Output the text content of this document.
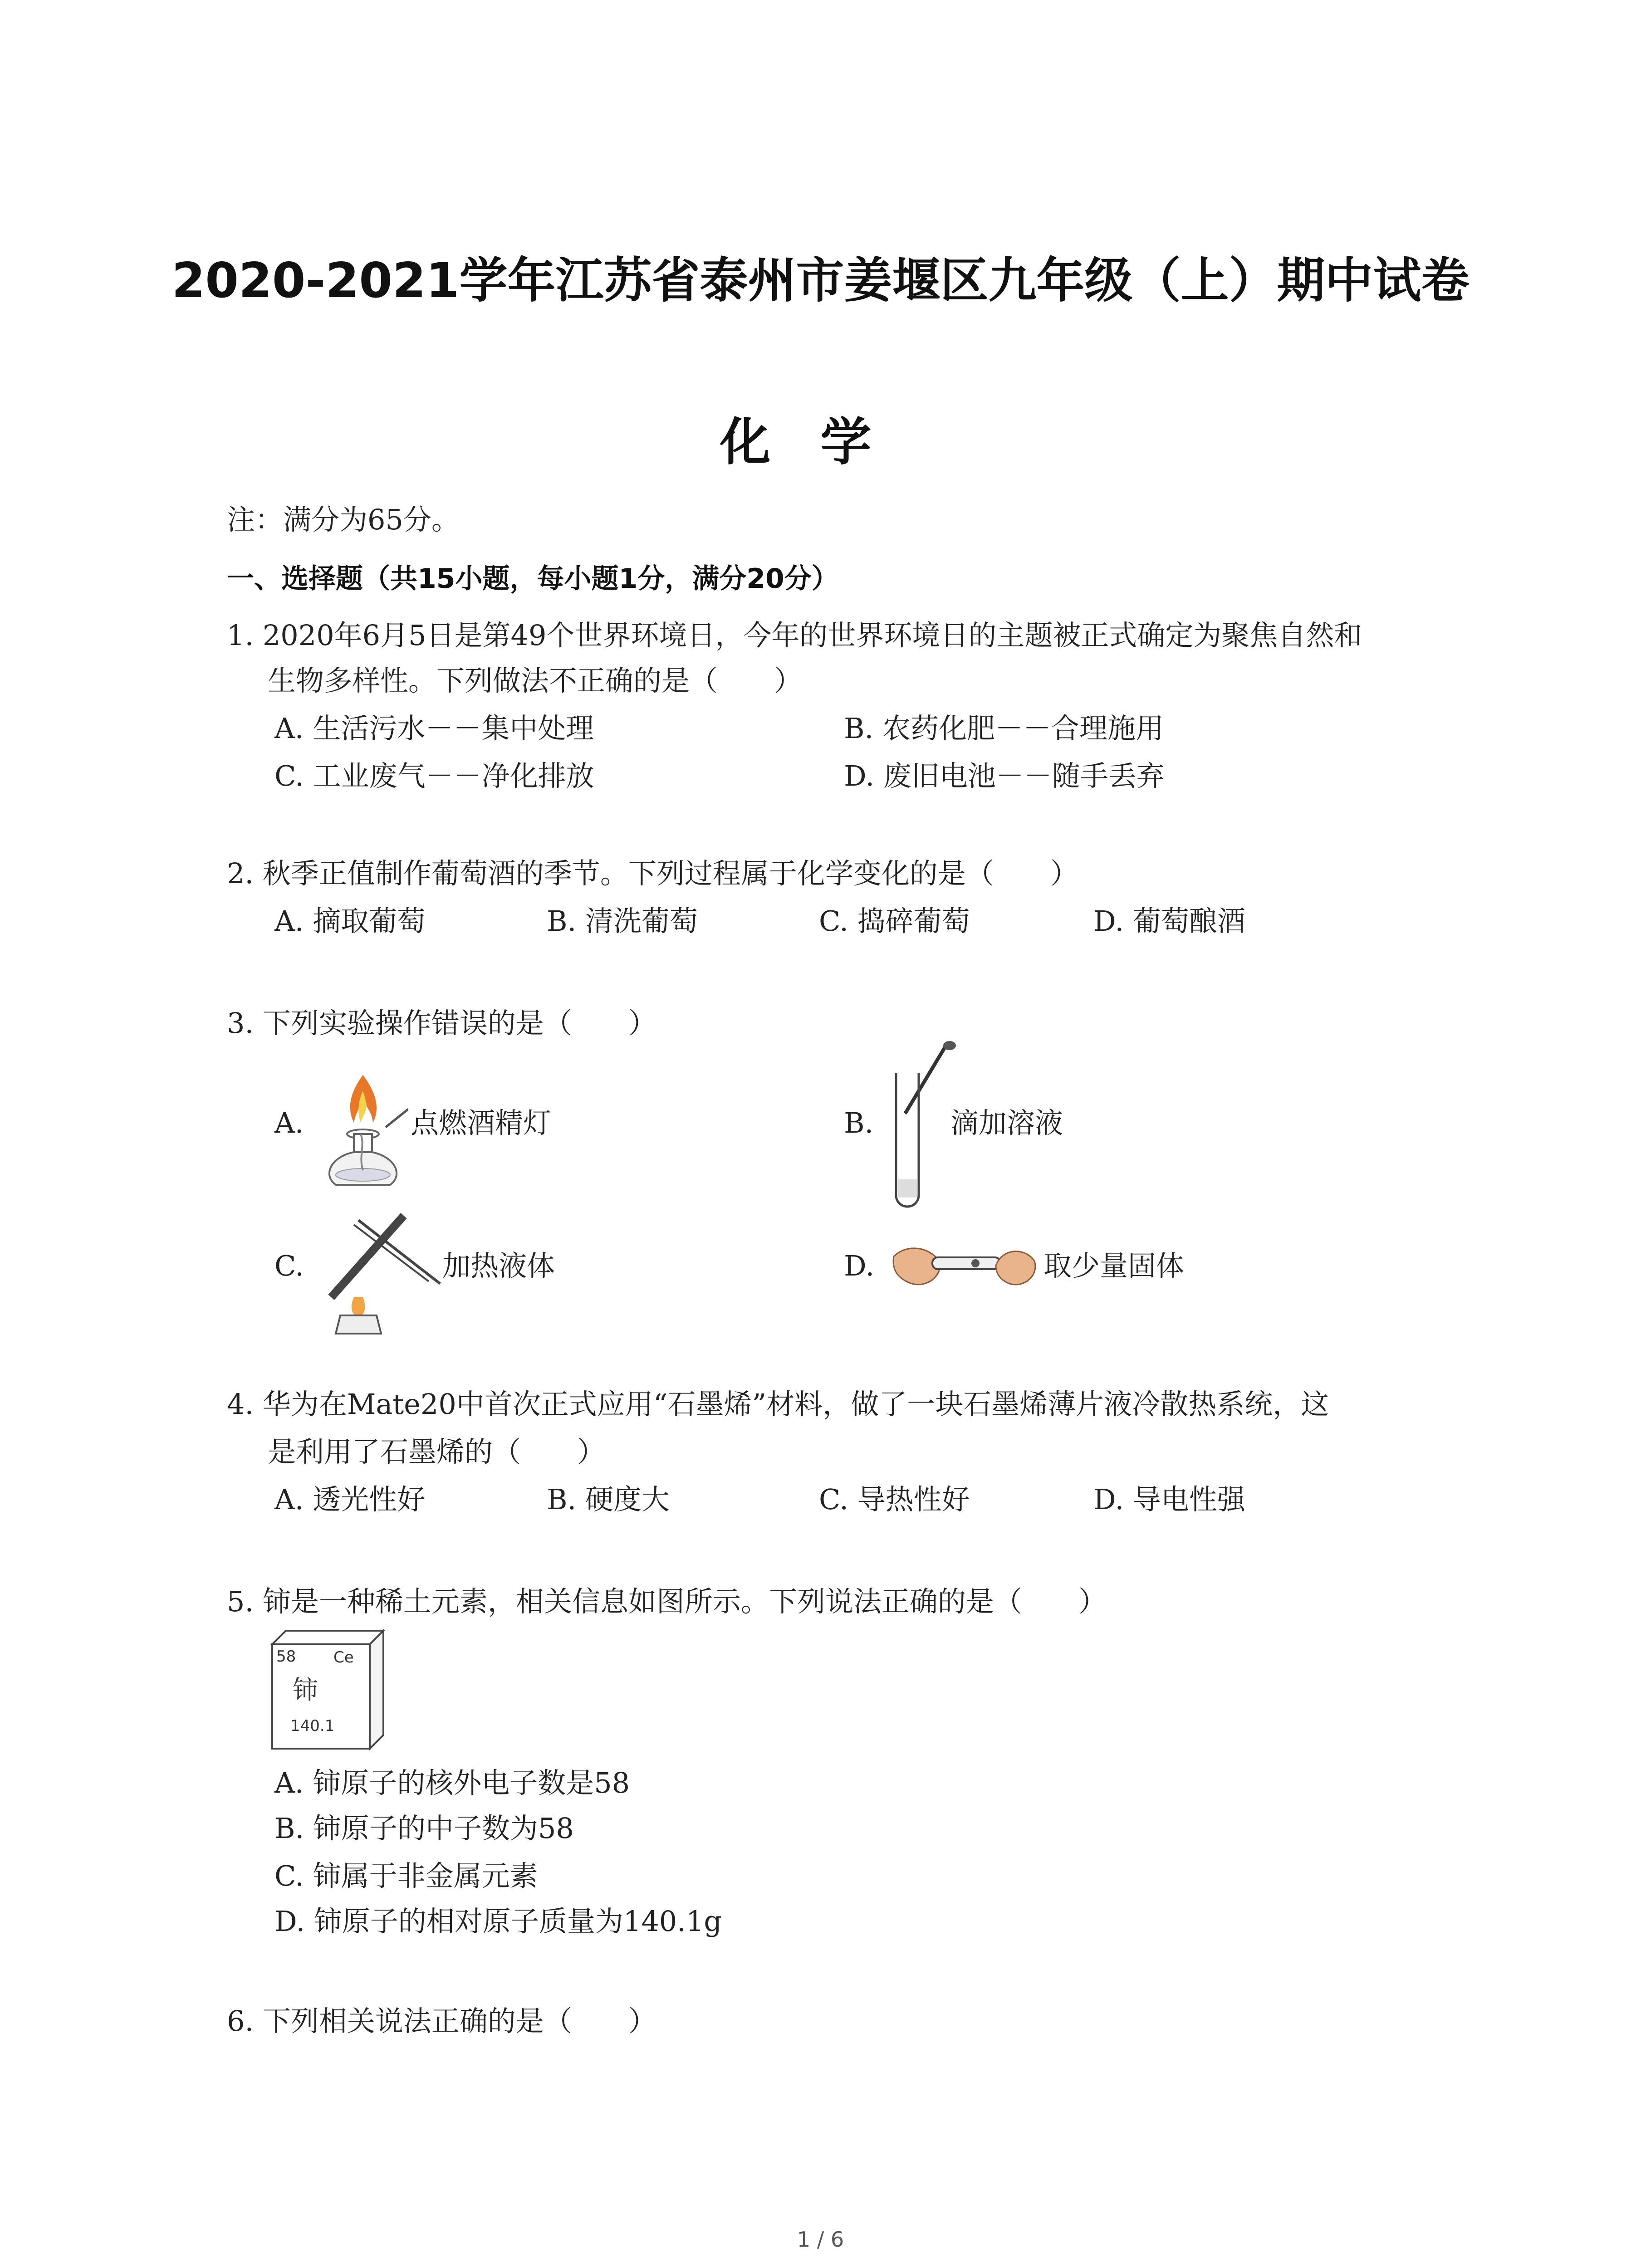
2020-2021学年江苏省泰州市姜堰区九年级（上）期中试卷
化学
注：满分为65分。
一、选择题（共15小题，每小题1分，满分20分）
1. 2020年6月5日是第49个世界环境日，今年的世界环境日的主题被正式确定为聚焦自然和
生物多样性。下列做法不正确的是（　　）
A. 生活污水－－集中处理	B. 农药化肥－－合理施用
C. 工业废气－－净化排放	D. 废旧电池－－随手丢弃
2. 秋季正值制作葡萄酒的季节。下列过程属于化学变化的是（　　）
A. 摘取葡萄	B. 清洗葡萄	C. 捣碎葡萄	D. 葡萄酿酒
3. 下列实验操作错误的是（　　）
A.	点燃酒精灯	B.	滴加溶液
C.	加热液体	D.	取少量固体
4. 华为在Mate20中首次正式应用“石墨烯”材料，做了一块石墨烯薄片液冷散热系统，这
是利用了石墨烯的（　　）
A. 透光性好	B. 硬度大	C. 导热性好	D. 导电性强
5. 铈是一种稀土元素，相关信息如图所示。下列说法正确的是（　　）
58 Ce
铈
140.1
A. 铈原子的核外电子数是58
B. 铈原子的中子数为58
C. 铈属于非金属元素
D. 铈原子的相对原子质量为140.1g
6. 下列相关说法正确的是（　　）
1 / 6
